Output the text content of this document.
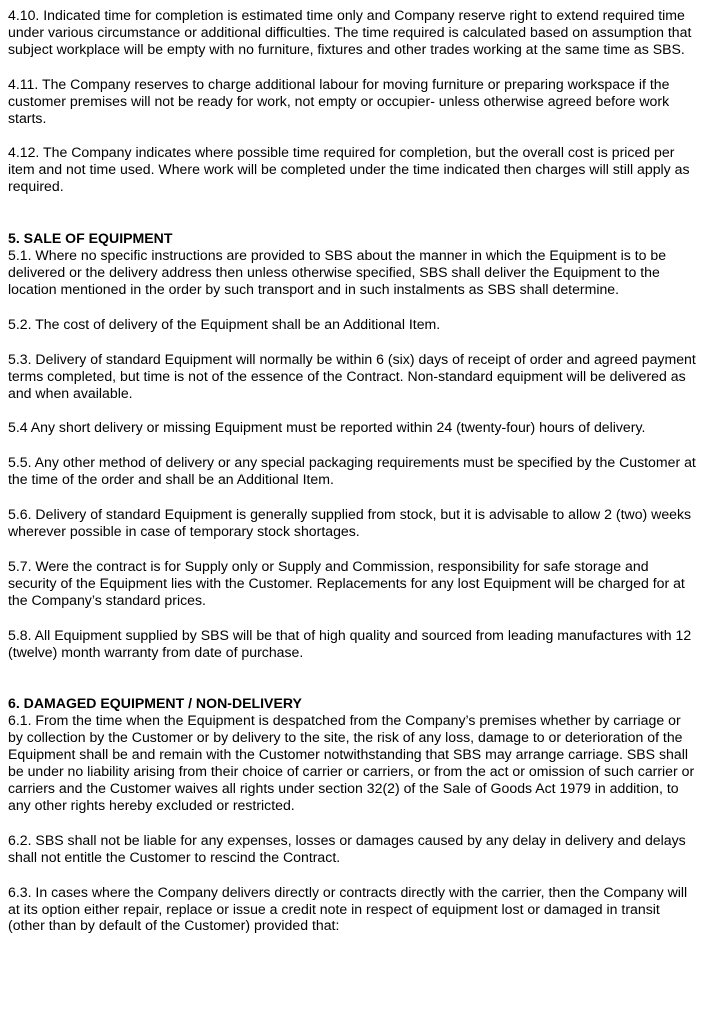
4.10. Indicated time for completion is estimated time only and Company reserve right to extend required time under various circumstance or additional difficulties. The time required is calculated based on assumption that subject workplace will be empty with no furniture, fixtures and other trades working at the same time as SBS.

4.11. The Company reserves to charge additional labour for moving furniture or preparing workspace if the customer premises will not be ready for work, not empty or occupier- unless otherwise agreed before work starts.

4.12. The Company indicates where possible time required for completion, but the overall cost is priced per item and not time used. Where work will be completed under the time indicated then charges will still apply as required.

5. SALE OF EQUIPMENT

5.1. Where no specific instructions are provided to SBS about the manner in which the Equipment is to be delivered or the delivery address then unless otherwise specified, SBS shall deliver the Equipment to the location mentioned in the order by such transport and in such instalments as SBS shall determine.

5.2. The cost of delivery of the Equipment shall be an Additional Item.

5.3. Delivery of standard Equipment will normally be within 6 (six) days of receipt of order and agreed payment terms completed, but time is not of the essence of the Contract. Non-standard equipment will be delivered as and when available.

5.4 Any short delivery or missing Equipment must be reported within 24 (twenty-four) hours of delivery.

5.5. Any other method of delivery or any special packaging requirements must be specified by the Customer at the time of the order and shall be an Additional Item.

5.6. Delivery of standard Equipment is generally supplied from stock, but it is advisable to allow 2 (two) weeks wherever possible in case of temporary stock shortages.

5.7. Were the contract is for Supply only or Supply and Commission, responsibility for safe storage and security of the Equipment lies with the Customer. Replacements for any lost Equipment will be charged for at the Company’s standard prices.

5.8. All Equipment supplied by SBS will be that of high quality and sourced from leading manufactures with 12 (twelve) month warranty from date of purchase.

6. DAMAGED EQUIPMENT / NON-DELIVERY

6.1. From the time when the Equipment is despatched from the Company’s premises whether by carriage or by collection by the Customer or by delivery to the site, the risk of any loss, damage to or deterioration of the Equipment shall be and remain with the Customer notwithstanding that SBS may arrange carriage. SBS shall be under no liability arising from their choice of carrier or carriers, or from the act or omission of such carrier or carriers and the Customer waives all rights under section 32(2) of the Sale of Goods Act 1979 in addition, to any other rights hereby excluded or restricted.

6.2. SBS shall not be liable for any expenses, losses or damages caused by any delay in delivery and delays shall not entitle the Customer to rescind the Contract.

6.3. In cases where the Company delivers directly or contracts directly with the carrier, then the Company will at its option either repair, replace or issue a credit note in respect of equipment lost or damaged in transit (other than by default of the Customer) provided that:
